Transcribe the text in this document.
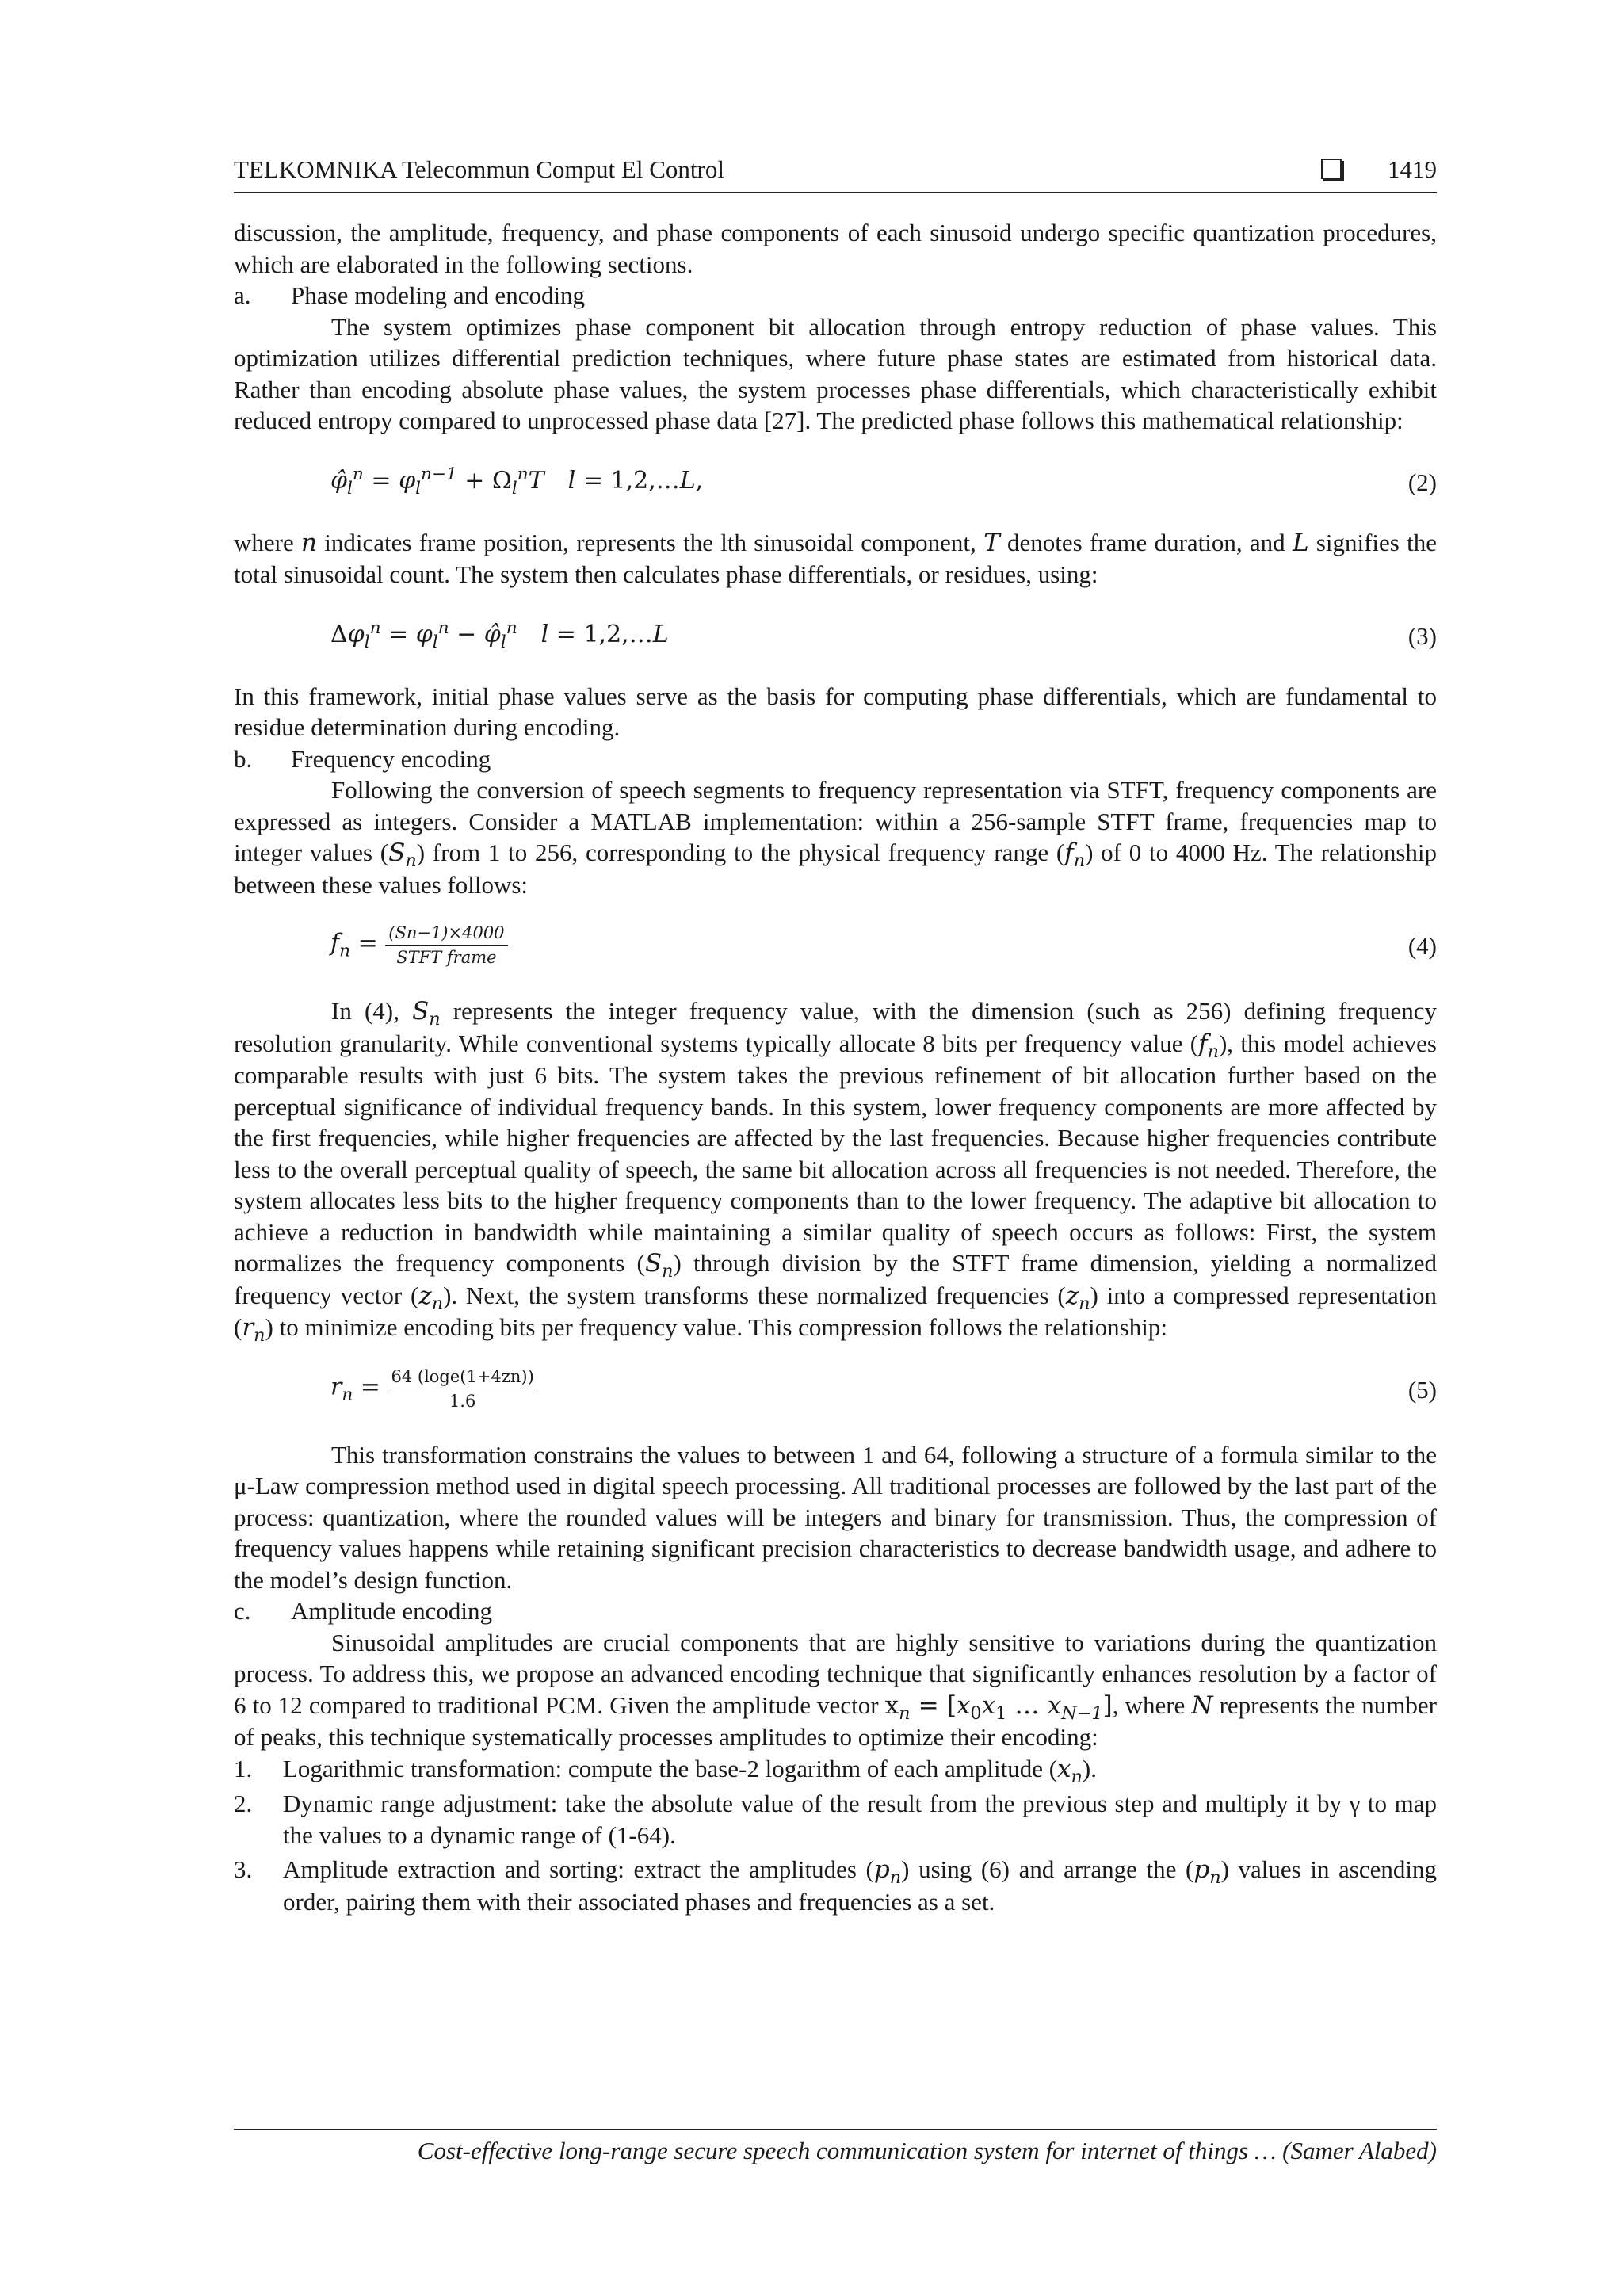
TELKOMNIKA Telecommun Comput El Control	1419

discussion, the amplitude, frequency, and phase components of each sinusoid undergo specific quantization procedures, which are elaborated in the following sections.

a. Phase modeling and encoding

The system optimizes phase component bit allocation through entropy reduction of phase values. This optimization utilizes differential prediction techniques, where future phase states are estimated from historical data. Rather than encoding absolute phase values, the system processes phase differentials, which characteristically exhibit reduced entropy compared to unprocessed phase data [27]. The predicted phase follows this mathematical relationship:

$\varphî_l^n = \varphi_l^{n-1} + \Omega_l^nT$ l = 1,2,…L,	(2)

where n indicates frame position, represents the lth sinusoidal component, T denotes frame duration, and L signifies the total sinusoidal count. The system then calculates phase differentials, or residues, using:

$\Delta\varphi_l^n = \varphi_l^n$ − $\varphî_l^n$ l = 1,2,…L	(3)

In this framework, initial phase values serve as the basis for computing phase differentials, which are fundamental to residue determination during encoding.

b. Frequency encoding

Following the conversion of speech segments to frequency representation via STFT, frequency components are expressed as integers. Consider a MATLAB implementation: within a 256-sample STFT frame, frequencies map to integer values $(S_n)$ from 1 to 256, corresponding to the physical frequency range $(f_n)$ of 0 to 4000 Hz. The relationship between these values follows:

$f_n = \frac{(Sn-1)\times 4000}{\text{STFT frame}}$	(4)

In (4), $S_n$ represents the integer frequency value, with the dimension (such as 256) defining frequency resolution granularity. While conventional systems typically allocate 8 bits per frequency value $(f_n)$, this model achieves comparable results with just 6 bits. The system takes the previous refinement of bit allocation further based on the perceptual significance of individual frequency bands. In this system, lower frequency components are more affected by the first frequencies, while higher frequencies are affected by the last frequencies. Because higher frequencies contribute less to the overall perceptual quality of speech, the same bit allocation across all frequencies is not needed. Therefore, the system allocates less bits to the higher frequency components than to the lower frequency. The adaptive bit allocation to achieve a reduction in bandwidth while maintaining a similar quality of speech occurs as follows: First, the system normalizes the frequency components $(S_n)$ through division by the STFT frame dimension, yielding a normalized frequency vector $(z_n)$. Next, the system transforms these normalized frequencies $(z_n)$ into a compressed representation $(r_n)$ to minimize encoding bits per frequency value. This compression follows the relationship:

$r_n = \frac{64 (\log e(1+4zn))}{1.6}$	(5)

This transformation constrains the values to between 1 and 64, following a structure of a formula similar to the μ-Law compression method used in digital speech processing. All traditional processes are followed by the last part of the process: quantization, where the rounded values will be integers and binary for transmission. Thus, the compression of frequency values happens while retaining significant precision characteristics to decrease bandwidth usage, and adhere to the model’s design function.

c. Amplitude encoding

Sinusoidal amplitudes are crucial components that are highly sensitive to variations during the quantization process. To address this, we propose an advanced encoding technique that significantly enhances resolution by a factor of 6 to 12 compared to traditional PCM. Given the amplitude vector $x_n = [x_0x_1$ … $x_{N-1}$], where N represents the number of peaks, this technique systematically processes amplitudes to optimize their encoding:

1. Logarithmic transformation: compute the base-2 logarithm of each amplitude $(x_n)$.
2. Dynamic range adjustment: take the absolute value of the result from the previous step and multiply it by γ to map the values to a dynamic range of (1-64).
3. Amplitude extraction and sorting: extract the amplitudes $(p_n)$ using (6) and arrange the $(p_n)$ values in ascending order, pairing them with their associated phases and frequencies as a set.
Cost-effective long-range secure speech communication system for internet of things … (Samer Alabed)
